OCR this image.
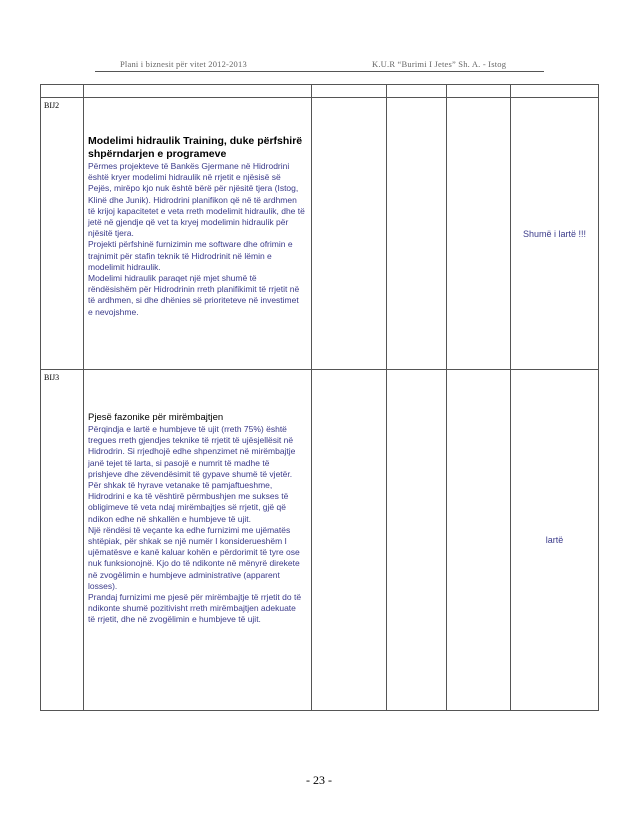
Plani i biznesit për vitet 2012-2013	K.U.R “Burimi I Jetes” Sh. A. - Istog

BIJ2	Modelimi hidraulik Training, duke përfshirë shpërndarjen e programeve
Përmes projekteve të Bankës Gjermane në Hidrodrini është kryer modelimi hidraulik në rrjetit e njësisë së Pejës, mirëpo kjo nuk është bërë për njësitë tjera (Istog, Klinë dhe Junik). Hidrodrini planifikon që në të ardhmen të krijoj kapacitetet e veta rreth modelimit hidraulik, dhe të jetë në gjendje që vet ta kryej modelimin hidraulik për njësitë tjera.
Projekti përfshinë furnizimin me software dhe ofrimin e trajnimit për stafin teknik të Hidrodrinit në lëmin e modelimit hidraulik.
Modelimi hidraulik paraqet një mjet shumë të rëndësishëm për Hidrodrinin rreth planifikimit të rrjetit në të ardhmen, si dhe dhënies së prioriteteve në investimet e nevojshme.				Shumë i lartë !!!

BIJ3	Pjesë fazonike për mirëmbajtjen
Përqindja e lartë e humbjeve të ujit (rreth 75%) është tregues rreth gjendjes teknike të rrjetit të ujësjellësit në Hidrodrin. Si rrjedhojë edhe shpenzimet në mirëmbajtje janë tejet të larta, si pasojë e numrit të madhe të prishjeve dhe zëvendësimit të gypave shumë të vjetër.
Për shkak të hyrave vetanake të pamjaftueshme, Hidrodrini e ka të vështirë përmbushjen me sukses të obligimeve të veta ndaj mirëmbajtjes së rrjetit, gjë që ndikon edhe në shkallën e humbjeve të ujit.
Një rëndësi të veçante ka edhe furnizimi me ujëmatës shtëpiak, për shkak se një numër I konsiderueshëm I ujëmatësve e kanë kaluar kohën e përdorimit të tyre ose nuk funksionojnë. Kjo do të ndikonte në mënyrë direkete në zvogëlimin e humbjeve administrative (apparent losses).
Prandaj furnizimi me pjesë për mirëmbajtje të rrjetit do të ndikonte shumë pozitivisht rreth mirëmbajtjen adekuate të rrjetit, dhe në zvogëlimin e humbjeve të ujit.				lartë
- 23 -
